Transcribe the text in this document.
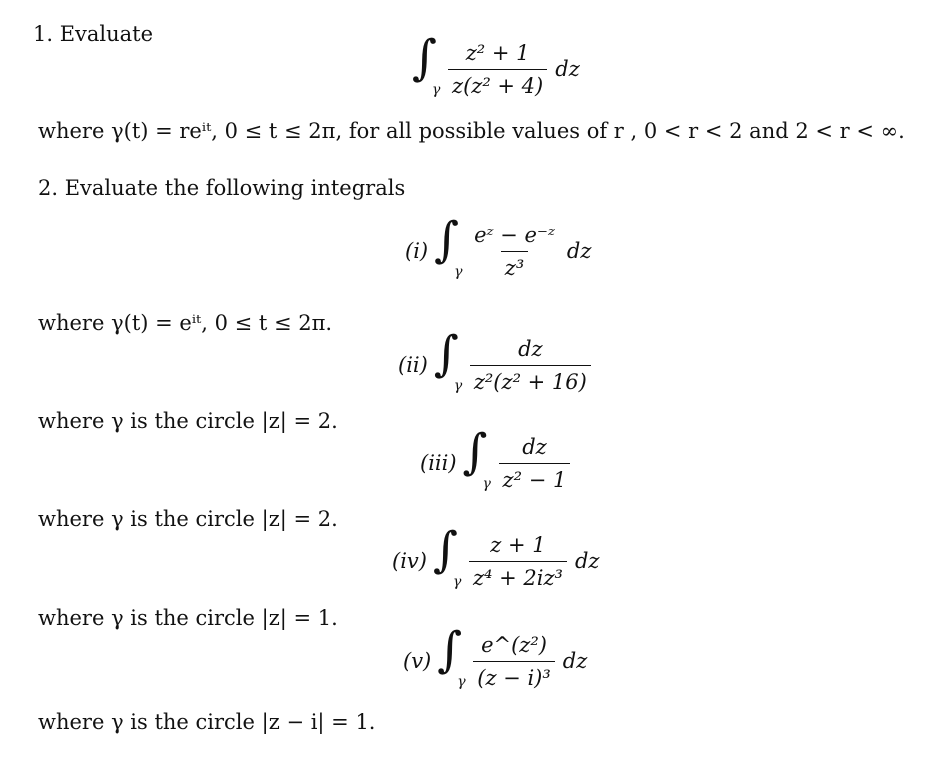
1. Evaluate	∫
γ $\frac{\text{z² + 1}}{\text{z(z² + 4)}}$ dz
where γ(t) = reⁱᵗ, 0 ≤ t ≤ 2π, for all possible values of r , 0 < r < 2 and 2 < r < ∞.
2. Evaluate the following integrals
(i) ∫
γ $\frac{\text{eᶻ − e⁻ᶻ}}{\text{z³}}$ dz
where γ(t) = eⁱᵗ, 0 ≤ t ≤ 2π.
(ii) ∫
γ $\frac{dz}{\text{z²(z² + 16)}}$
where γ is the circle |z| = 2.
(iii) ∫
γ $\frac{dz}{\text{z² − 1}}$
where γ is the circle |z| = 2.
(iv) ∫
γ $\frac{z + 1}{\text{z⁴ + 2iz³}}$ dz
where γ is the circle |z| = 1.
(v) ∫
γ $\frac{\text{e\textasciicircum{}(z²)}}{\text{(z − i)³}}$ dz
where γ is the circle |z − i| = 1.
